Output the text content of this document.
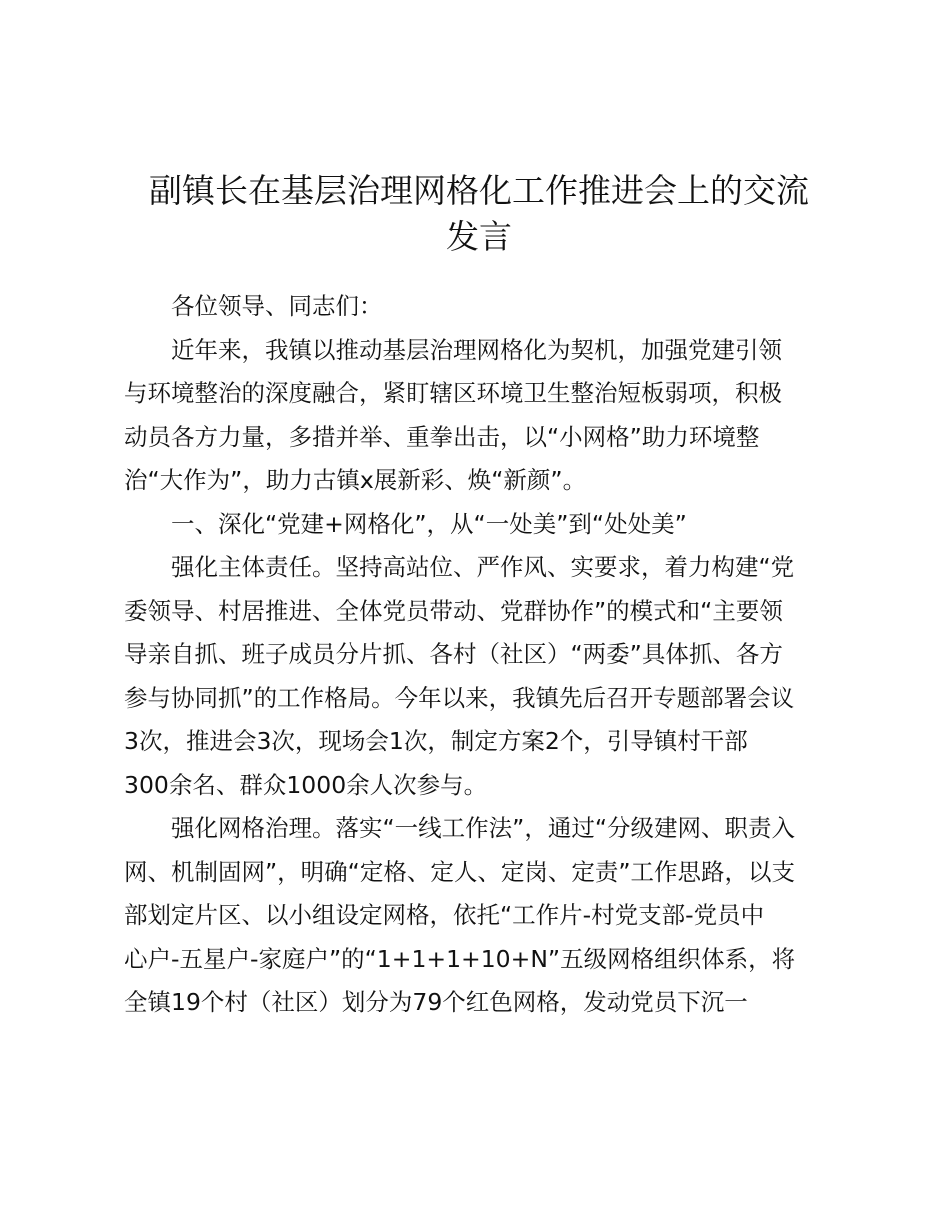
副镇长在基层治理网格化工作推进会上的交流
发言

各位领导、同志们：

近年来，我镇以推动基层治理网格化为契机，加强党建引领
与环境整治的深度融合，紧盯辖区环境卫生整治短板弱项，积极
动员各方力量，多措并举、重拳出击，以“小网格”助力环境整
治“大作为”，助力古镇x展新彩、焕“新颜”。

一、深化“党建+网格化”，从“一处美”到“处处美”

强化主体责任。坚持高站位、严作风、实要求，着力构建“党
委领导、村居推进、全体党员带动、党群协作”的模式和“主要领
导亲自抓、班子成员分片抓、各村（社区）“两委”具体抓、各方
参与协同抓”的工作格局。今年以来，我镇先后召开专题部署会议
3次，推进会3次，现场会1次，制定方案2个，引导镇村干部
300余名、群众1000余人次参与。

强化网格治理。落实“一线工作法”，通过“分级建网、职责入
网、机制固网”，明确“定格、定人、定岗、定责”工作思路，以支
部划定片区、以小组设定网格，依托“工作片-村党支部-党员中
心户-五星户-家庭户”的“1+1+1+10+N”五级网格组织体系，将
全镇19个村（社区）划分为79个红色网格，发动党员下沉一
